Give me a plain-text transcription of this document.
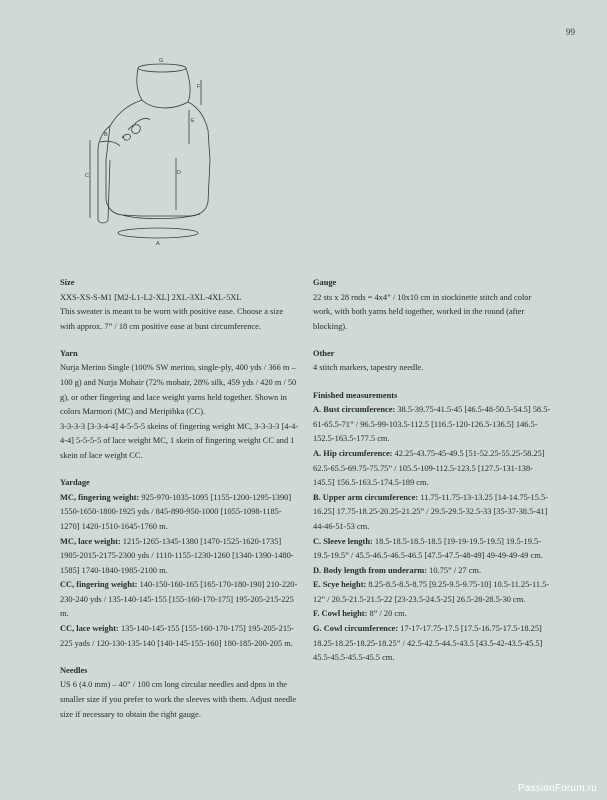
99
G
F
E
B
C	D
A
Size
XXS-XS-S-M1 [M2-L1-L2-XL] 2XL-3XL-4XL-5XL
This sweater is meant to be worn with positive ease. Choose a size with approx. 7” / 18 cm positive ease at bust circumference.
Yarn
Nurja Merino Single (100% SW merino, single-ply, 400 yds / 366 m – 100 g) and Nurja Mohair (72% mohair, 28% silk, 459 yds / 420 m / 50 g), or other fingering and lace weight yarns held together. Shown in colors Marmori (MC) and Meripihka (CC).
3-3-3-3 [3-3-4-4] 4-5-5-5 skeins of fingering weight MC, 3-3-3-3 [4-4-4-4] 5-5-5-5 of lace weight MC, 1 skein of fingering weight CC and 1 skein of lace weight CC.
Yardage
MC, fingering weight: 925-970-1035-1095 [1155-1200-1295-1390] 1550-1650-1800-1925 yds / 845-890-950-1000 [1055-1098-1185-1270] 1420-1510-1645-1760 m.
MC, lace weight: 1215-1265-1345-1380 [1470-1525-1620-1735] 1905-2015-2175-2300 yds / 1110-1155-1230-1260 [1340-1390-1480-1585] 1740-1840-1985-2100 m.
CC, fingering weight: 140-150-160-165 [165-170-180-190] 210-220-230-240 yds / 135-140-145-155 [155-160-170-175] 195-205-215-225 m.
CC, lace weight: 135-140-145-155 [155-160-170-175] 195-205-215-225 yads / 120-130-135-140 [140-145-155-160] 180-185-200-205 m.
Needles
US 6 (4.0 mm) – 40” / 100 cm long circular needles and dpns in the smaller size if you prefer to work the sleeves with them. Adjust needle size if necessary to obtain the right gauge.
Gauge
22 sts x 28 rnds = 4x4” / 10x10 cm in stockinette stitch and color work, with both yarns held together, worked in the round (after blocking).
Other
4 stitch markers, tapestry needle.
Finished measurements
A. Bust circumference: 38.5-39.75-41.5-45 [46.5-48-50.5-54.5] 58.5-61-65.5-71” / 96.5-99-103.5-112.5 [116.5-120-126.5-136.5] 146.5-152.5-163.5-177.5 cm.
A. Hip circumference: 42.25-43.75-45-49.5 [51-52.25-55.25-58.25] 62.5-65.5-69.75-75.75” / 105.5-109-112.5-123.5 [127.5-131-138-145.5] 156.5-163.5-174.5-189 cm.
B. Upper arm circumference: 11.75-11.75-13-13.25 [14-14.75-15.5-16.25] 17.75-18.25-20.25-21.25” / 29.5-29.5-32.5-33 [35-37-38.5-41] 44-46-51-53 cm.
C. Sleeve length: 18.5-18.5-18.5-18.5 [19-19-19.5-19.5] 19.5-19.5-19.5-19.5” / 45.5-46.5-46.5-46.5 [47.5-47.5-48-49] 49-49-49-49 cm.
D. Body length from underarm: 10.75” / 27 cm.
E. Scye height: 8.25-8.5-8.5-8.75 [9.25-9.5-9.75-10] 10.5-11.25-11.5-12” / 20.5-21.5-21.5-22 [23-23.5-24.5-25] 26.5-28-28.5-30 cm.
F. Cowl height: 8” / 20 cm.
G. Cowl circumference: 17-17-17.75-17.5 [17.5-16.75-17.5-18.25] 18.25-18.25-18.25-18.25” / 42.5-42.5-44.5-43.5 [43.5-42-43.5-45.5] 45.5-45.5-45.5-45.5 cm.
PassionForum.ru
